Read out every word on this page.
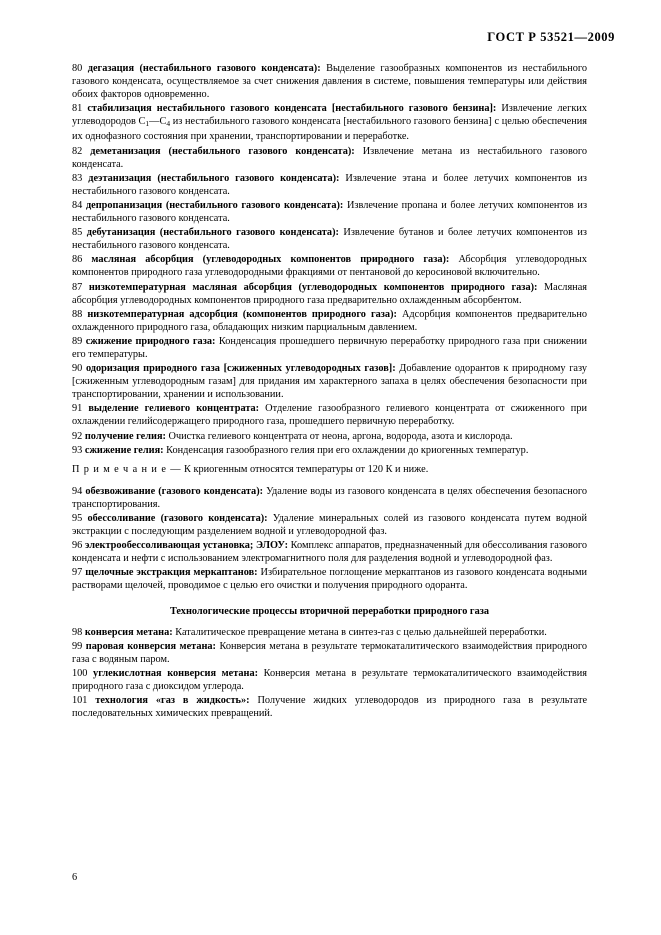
ГОСТ Р 53521—2009

80 дегазация (нестабильного газового конденсата): Выделение газообразных компонентов из нестабильного газового конденсата, осуществляемое за счет снижения давления в системе, повышения температуры или действия обоих факторов одновременно.

81 стабилизация нестабильного газового конденсата [нестабильного газового бензина]: Извлечение легких углеводородов $C_1—C_4$ из нестабильного газового конденсата [нестабильного газового бензина] с целью обеспечения их однофазного состояния при хранении, транспортировании и переработке.

82 деметанизация (нестабильного газового конденсата): Извлечение метана из нестабильного газового конденсата.

83 деэтанизация (нестабильного газового конденсата): Извлечение этана и более летучих компонентов из нестабильного газового конденсата.

84 депропанизация (нестабильного газового конденсата): Извлечение пропана и более летучих компонентов из нестабильного газового конденсата.

85 дебутанизация (нестабильного газового конденсата): Извлечение бутанов и более летучих компонентов из нестабильного газового конденсата.

86 масляная абсорбция (углеводородных компонентов природного газа): Абсорбция углеводородных компонентов природного газа углеводородными фракциями от пентановой до керосиновой включительно.

87 низкотемпературная масляная абсорбция (углеводородных компонентов природного газа): Масляная абсорбция углеводородных компонентов природного газа предварительно охлажденным абсорбентом.

88 низкотемпературная адсорбция (компонентов природного газа): Адсорбция компонентов предварительно охлажденного природного газа, обладающих низким парциальным давлением.

89 сжижение природного газа: Конденсация прошедшего первичную переработку природного газа при снижении его температуры.

90 одоризация природного газа [сжиженных углеводородных газов]: Добавление одорантов к природному газу [сжиженным углеводородным газам] для придания им характерного запаха в целях обеспечения безопасности при транспортировании, хранении и использовании.

91 выделение гелиевого концентрата: Отделение газообразного гелиевого концентрата от сжиженного при охлаждении гелийсодержащего природного газа, прошедшего первичную переработку.

92 получение гелия: Очистка гелиевого концентрата от неона, аргона, водорода, азота и кислорода.

93 сжижение гелия: Конденсация газообразного гелия при его охлаждении до криогенных температур.

П р и м е ч а н и е — К криогенным относятся температуры от 120 К и ниже.

94 обезвоживание (газового конденсата): Удаление воды из газового конденсата в целях обеспечения безопасного транспортирования.

95 обессоливание (газового конденсата): Удаление минеральных солей из газового конденсата путем водной экстракции с последующим разделением водной и углеводородной фаз.

96 электрообессоливающая установка; ЭЛОУ: Комплекс аппаратов, предназначенный для обессоливания газового конденсата и нефти с использованием электромагнитного поля для разделения водной и углеводородной фаз.

97 щелочные экстракция меркаптанов: Избирательное поглощение меркаптанов из газового конденсата водными растворами щелочей, проводимое с целью его очистки и получения природного одоранта.

Технологические процессы вторичной переработки природного газа

98 конверсия метана: Каталитическое превращение метана в синтез-газ с целью дальнейшей переработки.

99 паровая конверсия метана: Конверсия метана в результате термокаталитического взаимодействия природного газа с водяным паром.

100 углекислотная конверсия метана: Конверсия метана в результате термокаталитического взаимодействия природного газа с диоксидом углерода.

101 технология «газ в жидкость»: Получение жидких углеводородов из природного газа в результате последовательных химических превращений.

6
